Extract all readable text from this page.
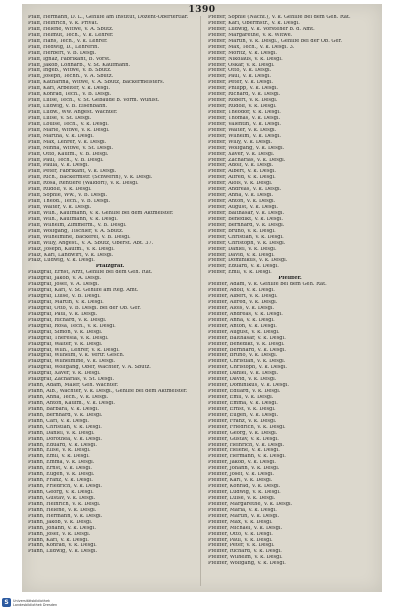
1390
Pfaff, Hermann, D. L., Gehilfe am Institut, Dozent-Obertertiar.
Pfaff, Heinrich, V. k. Privat.
Pfaff, Helene, Witwe, V. A. Sbutz.
Pfaff, Helmut, Tech., V. k. Lehrer.
Pfaff, Hans, Tech., V. k. Lehrer.
Pfaff, Hedwig, D., Lehrerin.
Pfaff, Herbert, V. B. Desgl.
Pfaff, Ignaz, Fabrikant, B. Vorst.
Pfaff, Jakob, Lohnarb., V. St. Kaufmann.
Pfaff, Ingeb., Witwe, V. B. Sbutz.
Pfaff, Joseph, Techn., V. A. Sbutz.
Pfaff, Katharina, Witwe, V. A. Sbutz, Bäckermeisters.
Pfaff, Karl, Arbeiter, V. k. Desgl.
Pfaff, Konrad, Tech., V. B. Desgl.
Pfaff, Luise, Tech., V. St. Gebäude b. Vorm. Wuhlst.
Pfaff, Ludwig, V. B. Eisenbahn.
Pfaff, Ludw., Ww. Angest. Wächter.
Pfaff, Luise, V. St. Desgl.
Pfaff, Louise, Tech., V. k. Desgl.
Pfaff, Marie, Witwe, V. k. Desgl.
Pfaff, Martha, V. k. Desgl.
Pfaff, Max, Lehrer, V. k. Desgl.
Pfaff, Minna, Witwe, V. St. Desgl.
Pfaff, Otto, Kaufm., V. B. Desgl.
Pfaff, Paul, Tech., V. B. Desgl.
Pfaff, Paula, V. k. Desgl.
Pfaff, Peter, Fabrikant, V. k. Desgl.
Pfaff, Rich., Bäckermstr. (Schwerin), V. k. Desgl.
Pfaff, Rosa, Rentiere (Waldorf), V. k. Desgl.
Pfaff, Rudolf, V. k. Desgl.
Pfaff, Sophie, Ww., V. B. Desgl.
Pfaff, Theod., Tech., V. B. Desgl.
Pfaff, Walter, V. k. Desgl.
Pfaff, Wilh., Kaufmann, V. k. Gehilfe bei dem Aktmeister.
Pfaff, Wilh., Kaufmann, V. k. Desgl.
Pfaff, Wilhelm, Zimmerm., V. B. Desgl.
Pfaff, Wolfgang, Tischler, V. A. Sbutz.
Pfaff, Wilhelmine, Bäckerei, V. B. Desgl.
Pfaff, Willy, Angest., V. A. Sbutz, Oberst. Abt. 37.
Pfalz, Joseph, Kaufm., V. k. Desgl.
Pfalz, Karl, Landwirt, V. k. Desgl.
Pfalz, Ludwig, V. k. Desgl.
Pfalzgraf.
Pfalzgraf, Ernst, Arzt, Gehilfe bei dem Geh. Rat.
Pfalzgraf, Jakob, V. A. Desgl.
Pfalzgraf, Josef, V. A. Desgl.
Pfalzgraf, Karl, V. St. Gehilfe am Reg. Amt.
Pfalzgraf, Luise, V. B. Desgl.
Pfalzgraf, Martin, V. k. Desgl.
Pfalzgraf, Otto, V. B. Desgl. bei der Ob. Ger.
Pfalzgraf, Paul, V. k. Desgl.
Pfalzgraf, Richard, V. k. Desgl.
Pfalzgraf, Rosa, Tech., V. k. Desgl.
Pfalzgraf, Simon, V. k. Desgl.
Pfalzgraf, Theresia, V. k. Desgl.
Pfalzgraf, Walter, V. k. Desgl.
Pfalzgraf, Wilh., Lehrer, V. k. Desgl.
Pfalzgraf, Wilhelm, V. k. Vertr. Gesch.
Pfalzgraf, Wilhelmine, V. k. Desgl.
Pfalzgraf, Wolfgang, Ober, Wächter, V. A. Sbutz.
Pfalzgraf, Xaver, V. k. Desgl.
Pfalzgraf, Zacharias, V. St. Desgl.
Pfann, Adam, Maler, Geh. Wächter.
Pfann, Alb., Wächter, V. k. Desgl., Gehilfe bei dem Aktmeister.
Pfann, Anna, Tech., V. k. Desgl.
Pfann, Anton, Kaufm., V. k. Desgl.
Pfann, Barbara, V. k. Desgl.
Pfann, Bernhard, V. k. Desgl.
Pfann, Carl, V. k. Desgl.
Pfann, Christian, V. k. Desgl.
Pfann, Daniel, V. k. Desgl.
Pfann, Dorothea, V. k. Desgl.
Pfann, Eduard, V. k. Desgl.
Pfann, Elise, V. k. Desgl.
Pfann, Emil, V. k. Desgl.
Pfann, Emma, V. k. Desgl.
Pfann, Ernst, V. k. Desgl.
Pfann, Eugen, V. k. Desgl.
Pfann, Franz, V. k. Desgl.
Pfann, Friedrich, V. k. Desgl.
Pfann, Georg, V. k. Desgl.
Pfann, Gustav, V. k. Desgl.
Pfann, Heinrich, V. k. Desgl.
Pfann, Helene, V. k. Desgl.
Pfann, Hermann, V. k. Desgl.
Pfann, Jakob, V. k. Desgl.
Pfann, Johann, V. k. Desgl.
Pfann, Josef, V. k. Desgl.
Pfann, Karl, V. k. Desgl.
Pfann, Konrad, V. k. Desgl.
Pfann, Ludwig, V. k. Desgl.
Pfeffer, Sophie (Nachf.), V. k. Gehilfe bei dem Geh. Rat.
Pfeffer, Karl, Obermstr., V. k. Desgl.
Pfeffer, Ludwig, V. k. Vorsteher b. d. Amt.
Pfeffer, Margarethe, V. k. Witwe.
Pfeffer, Martin, V. k. Desgl., Gehilfe bei der Ob. Ger.
Pfeffer, Max, Tech., V. k. Desgl. 3.
Pfeffer, Moritz, V. k. Desgl.
Pfeffer, Nikolaus, V. k. Desgl.
Pfeffer, Oskar, V. k. Desgl.
Pfeffer, Otto, V. k. Desgl.
Pfeffer, Paul, V. k. Desgl.
Pfeffer, Peter, V. k. Desgl.
Pfeffer, Philipp, V. k. Desgl.
Pfeffer, Richard, V. k. Desgl.
Pfeffer, Robert, V. k. Desgl.
Pfeffer, Rudolf, V. k. Desgl.
Pfeffer, Theodor, V. k. Desgl.
Pfeffer, Thomas, V. k. Desgl.
Pfeffer, Valentin, V. k. Desgl.
Pfeffer, Walter, V. k. Desgl.
Pfeffer, Wilhelm, V. k. Desgl.
Pfeffer, Willy, V. k. Desgl.
Pfeffer, Wolfgang, V. k. Desgl.
Pfeffer, Xaver, V. k. Desgl.
Pfeffer, Zacharias, V. k. Desgl.
Pfeffer, Adolf, V. k. Desgl.
Pfeffer, Albert, V. k. Desgl.
Pfeffer, Alfred, V. k. Desgl.
Pfeffer, Alois, V. k. Desgl.
Pfeffer, Andreas, V. k. Desgl.
Pfeffer, Anna, V. k. Desgl.
Pfeffer, Anton, V. k. Desgl.
Pfeffer, August, V. k. Desgl.
Pfeffer, Balthasar, V. k. Desgl.
Pfeffer, Benedikt, V. k. Desgl.
Pfeffer, Bernhard, V. k. Desgl.
Pfeffer, Bruno, V. k. Desgl.
Pfeffer, Christian, V. k. Desgl.
Pfeffer, Christoph, V. k. Desgl.
Pfeffer, Daniel, V. k. Desgl.
Pfeffer, David, V. k. Desgl.
Pfeffer, Dominikus, V. k. Desgl.
Pfeffer, Eduard, V. k. Desgl.
Pfeffer, Emil, V. k. Desgl.
Pfeiffer.
Pfeiffer, Adam, V. k. Gehilfe bei dem Geh. Rat.
Pfeiffer, Adolf, V. k. Desgl.
Pfeiffer, Albert, V. k. Desgl.
Pfeiffer, Alfred, V. k. Desgl.
Pfeiffer, Alois, V. k. Desgl.
Pfeiffer, Andreas, V. k. Desgl.
Pfeiffer, Anna, V. k. Desgl.
Pfeiffer, Anton, V. k. Desgl.
Pfeiffer, August, V. k. Desgl.
Pfeiffer, Balthasar, V. k. Desgl.
Pfeiffer, Benedikt, V. k. Desgl.
Pfeiffer, Bernhard, V. k. Desgl.
Pfeiffer, Bruno, V. k. Desgl.
Pfeiffer, Christian, V. k. Desgl.
Pfeiffer, Christoph, V. k. Desgl.
Pfeiffer, Daniel, V. k. Desgl.
Pfeiffer, David, V. k. Desgl.
Pfeiffer, Dominikus, V. k. Desgl.
Pfeiffer, Eduard, V. k. Desgl.
Pfeiffer, Emil, V. k. Desgl.
Pfeiffer, Emma, V. k. Desgl.
Pfeiffer, Ernst, V. k. Desgl.
Pfeiffer, Eugen, V. k. Desgl.
Pfeiffer, Franz, V. k. Desgl.
Pfeiffer, Friedrich, V. k. Desgl.
Pfeiffer, Georg, V. k. Desgl.
Pfeiffer, Gustav, V. k. Desgl.
Pfeiffer, Heinrich, V. k. Desgl.
Pfeiffer, Helene, V. k. Desgl.
Pfeiffer, Hermann, V. k. Desgl.
Pfeiffer, Jakob, V. k. Desgl.
Pfeiffer, Johann, V. k. Desgl.
Pfeiffer, Josef, V. k. Desgl.
Pfeiffer, Karl, V. k. Desgl.
Pfeiffer, Konrad, V. k. Desgl.
Pfeiffer, Ludwig, V. k. Desgl.
Pfeiffer, Luise, V. k. Desgl.
Pfeiffer, Margarethe, V. k. Desgl.
Pfeiffer, Maria, V. k. Desgl.
Pfeiffer, Martin, V. k. Desgl.
Pfeiffer, Max, V. k. Desgl.
Pfeiffer, Michael, V. k. Desgl.
Pfeiffer, Otto, V. k. Desgl.
Pfeiffer, Paul, V. k. Desgl.
Pfeiffer, Peter, V. k. Desgl.
Pfeiffer, Richard, V. k. Desgl.
Pfeiffer, Wilhelm, V. k. Desgl.
Pfeiffer, Wolfgang, V. k. Desgl.
S	Universitätsbibliothek
Landesbibliothek Dresden
